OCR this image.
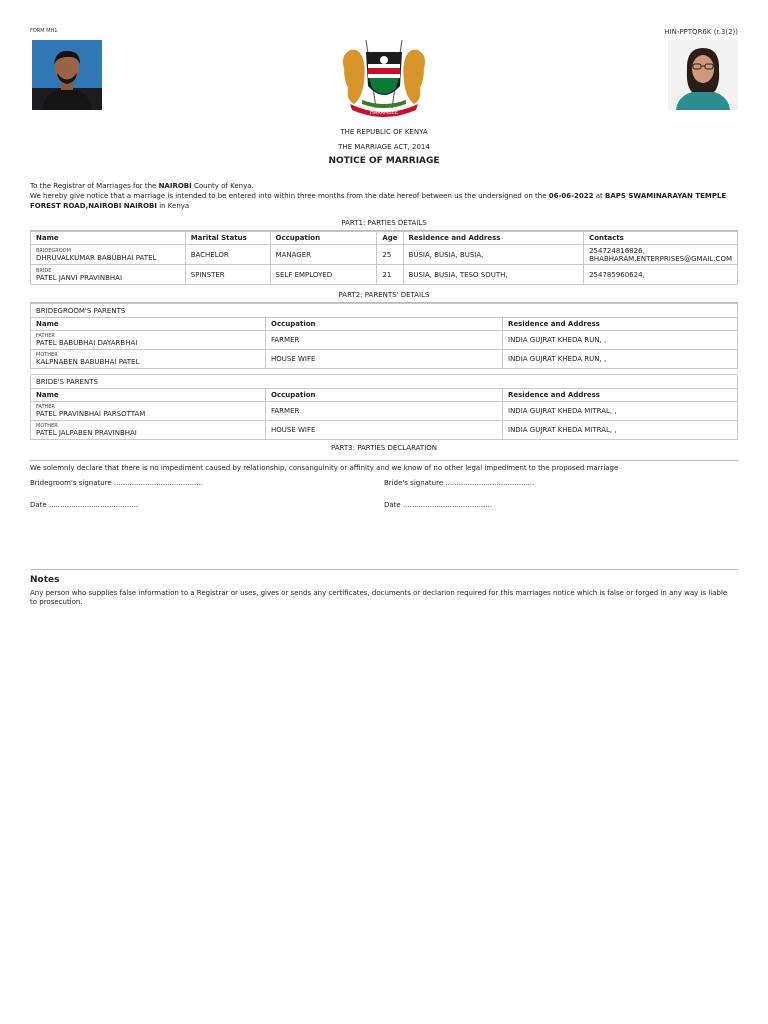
FORM MH1	HIN-PPTQR6K (r.3(2))
HARAMBEE
THE REPUBLIC OF KENYA
THE MARRIAGE ACT, 2014
NOTICE OF MARRIAGE
To the Registrar of Marriages for the NAIROBI County of Kenya.
We hereby give notice that a marriage is intended to be entered into within three months from the date hereof between us the undersigned on the 06-06-2022 at BAPS SWAMINARAYAN TEMPLE FOREST ROAD,NAIROBI NAIROBI in Kenya
PART1: PARTIES DETAILS
Name	Marital Status	Occupation	Age	Residence and Address	Contacts

BRIDEGROOM
DHRUVALKUMAR BABUBHAI PATEL	BACHELOR	MANAGER	25	BUSIA, BUSIA, BUSIA,	254724816826,
BHABHARAM.ENTERPRISES@GMAIL.COM

BRIDE
PATEL JANVI PRAVINBHAI	SPINSTER	SELF EMPLOYED	21	BUSIA, BUSIA, TESO SOUTH,	254785960624,
PART2: PARENTS' DETAILS
BRIDEGROOM'S PARENTS		
Name	Occupation	Residence and Address

FATHER
PATEL BABUBHAI DAYARBHAI	FARMER	INDIA GUJRAT KHEDA RUN, ,

MOTHER
KALPNABEN BABUBHAI PATEL	HOUSE WIFE	INDIA GUJRAT KHEDA RUN, ,
BRIDE'S PARENTS		
Name	Occupation	Residence and Address

FATHER
PATEL PRAVINBHAI PARSOTTAM	FARMER	INDIA GUJRAT KHEDA MITRAL, ,

MOTHER
PATEL JALPABEN PRAVINBHAI	HOUSE WIFE	INDIA GUJRAT KHEDA MITRAL, ,
PART3: PARTIES DECLARATION
We solemnly declare that there is no impediment caused by relationship, consanguinity or affinity and we know of no other legal impediment to the proposed marriage
Bridegroom's signature ........................................	Bride's signature ........................................
Date ........................................	Date ........................................
Notes
Any person who supplies false information to a Registrar or uses, gives or sends any certificates, documents or declarion required for this marriages notice which is false or forged in any way is liable to prosecution.
